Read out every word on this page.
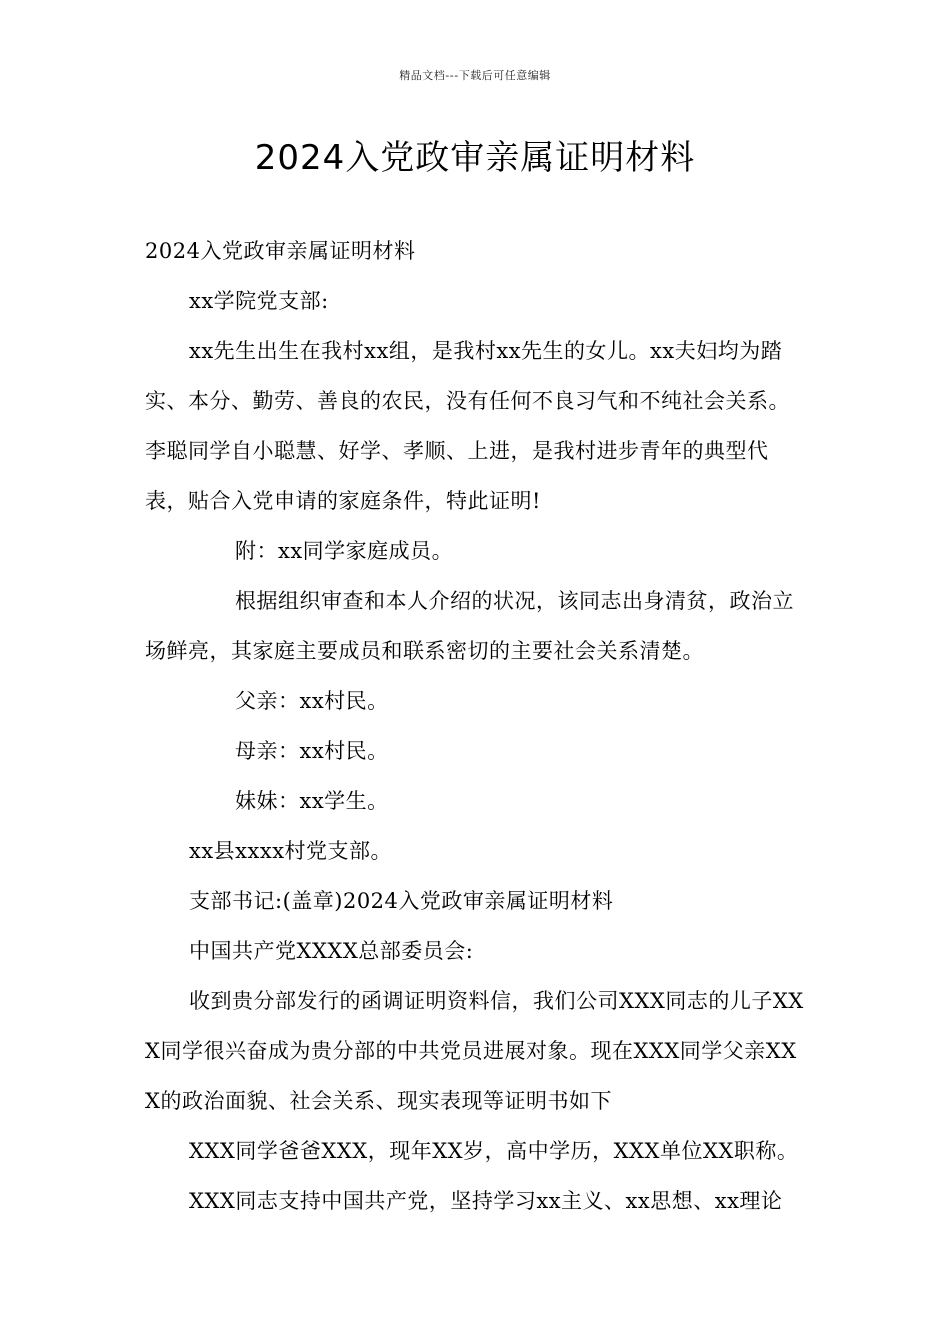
精品文档---下载后可任意编辑
2024入党政审亲属证明材料

2024入党政审亲属证明材料

xx学院党支部:

xx先生出生在我村xx组，是我村xx先生的女儿。xx夫妇均为踏实、本分、勤劳、善良的农民，没有任何不良习气和不纯社会关系。李聪同学自小聪慧、好学、孝顺、上进，是我村进步青年的典型代表，贴合入党申请的家庭条件，特此证明!

附：xx同学家庭成员。

根据组织审查和本人介绍的状况，该同志出身清贫，政治立场鲜亮，其家庭主要成员和联系密切的主要社会关系清楚。

父亲：xx村民。

母亲：xx村民。

妹妹：xx学生。

xx县xxxx村党支部。

支部书记:(盖章)2024入党政审亲属证明材料

中国共产党XXXX总部委员会:

收到贵分部发行的函调证明资料信，我们公司XXX同志的儿子XXX同学很兴奋成为贵分部的中共党员进展对象。现在XXX同学父亲XXX的政治面貌、社会关系、现实表现等证明书如下

XXX同学爸爸XXX，现年XX岁，高中学历，XXX单位XX职称。

XXX同志支持中国共产党，坚持学习xx主义、xx思想、xx理论
